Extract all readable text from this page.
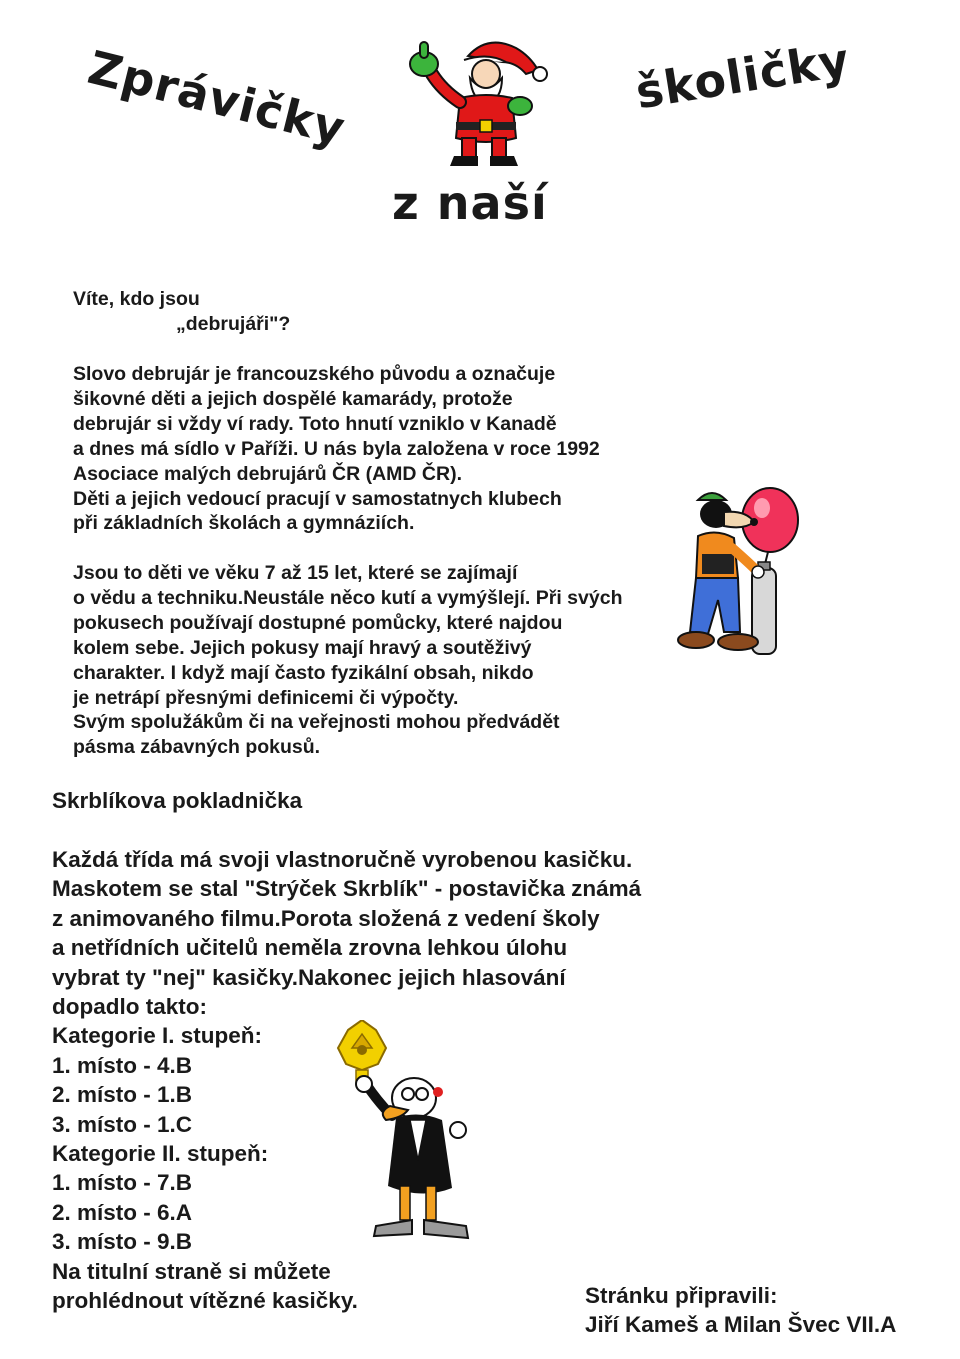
Zprávičky	školičky
z naší
Víte, kdo jsou
„debrujáři"?
Slovo debrujár je francouzského původu a označuje
šikovné děti a jejich dospělé kamarády, protože
debrujár si vždy ví rady. Toto hnutí vzniklo v Kanadě
a dnes má sídlo v Paříži. U nás byla založena v roce 1992
Asociace malých debrujárů ČR (AMD ČR).
Děti a jejich vedoucí pracují v samostatnych klubech
při základních školách a gymnáziích.
Jsou to děti ve věku 7 až 15 let, které se zajímají
o vědu a techniku.Neustále něco kutí a vymýšlejí. Při svých
pokusech používají dostupné pomůcky, které najdou
kolem sebe. Jejich pokusy mají hravý a soutěživý
charakter. I když mají často fyzikální obsah, nikdo
je netrápí přesnými definicemi či výpočty.
Svým spolužákům či na veřejnosti mohou předvádět
pásma zábavných pokusů.
Skrblíkova pokladnička
Každá třída má svoji vlastnoručně vyrobenou kasičku.
Maskotem se stal "Strýček Skrblík" - postavička známá
z animovaného filmu.Porota složená z vedení školy
a netřídních učitelů neměla zrovna lehkou úlohu
vybrat ty "nej" kasičky.Nakonec jejich hlasování
dopadlo takto:
Kategorie I. stupeň:
1. místo - 4.B
2. místo - 1.B
3. místo - 1.C
Kategorie II. stupeň:
1. místo - 7.B
2. místo - 6.A
3. místo - 9.B
Na titulní straně si můžete
prohlédnout vítězné kasičky.	Stránku připravili:
Jiří Kameš a Milan Švec VII.A
